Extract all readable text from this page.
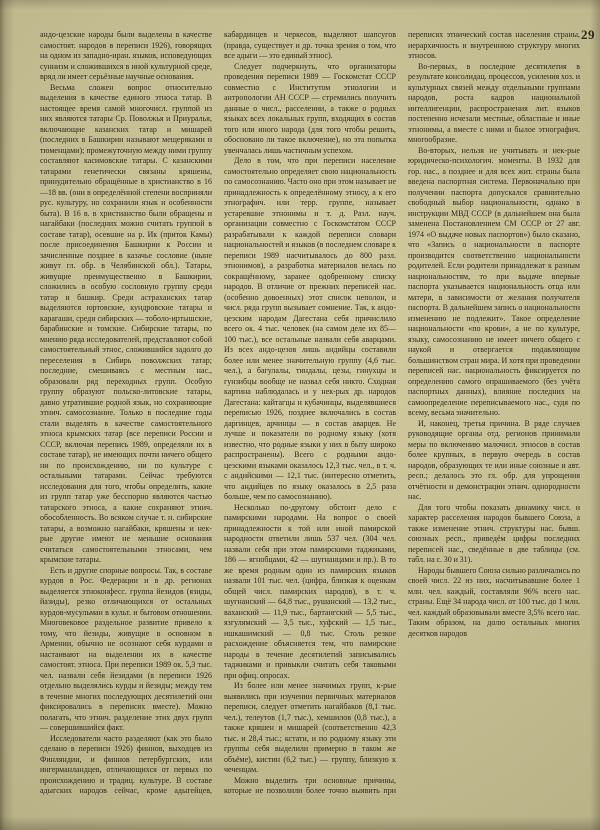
29

андо-цезские народы были выделены в качестве самостоят. народов в переписи 1926), говорящих на одном из западно-иран. языков, исповедующих суннизм и сложившихся в иной культурной среде, вряд ли имеет серьёзные научные основания.

Весьма сложен вопрос относительно выделения в качестве единого этноса татар. В настоящее время самой многочисл. группой из них являются татары Ср. Поволжья и Приуралья, включающие казанских татар и мишарей (последних в Башкирии называют мещеряками и тюменцами); промежуточную между ними группу составляют касимовские татары. С казанскими татарами генетически связаны кряшены, принудительно обращённые в христианство в 16—18 вв. (они в определённой степени восприняли рус. культуру, но сохранили язык и особенности быта). В 16 в. в христианство были обращены и нагайбаки (последних можно считать группой в составе татар), осевшие на р. Ик (приток Камы) после присоединения Башкирии к России и зачисленные позднее в казачье сословие (ныне живут гл. обр. в Челябинской обл.). Татары, живущие преимущественно в Башкирии, сложились в особую сословную группу среди татар и башкир. Среди астраханских татар выделяются юртовские, кундровские татары и карагаши, среди сибирских — тоболо-иртышские, барабинские и томские. Сибирские татары, по мнению ряда исследователей, представляют собой самостоятельный этнос, сложившийся задолго до переселения в Сибирь поволжских татар; последние, смешиваясь с местным нас., образовали ряд переходных групп. Особую группу образуют польско-литовские татары, давно утратившие родной язык, но сохраняющие этнич. самосознание. Только в последние годы стали выделять в качестве самостоятельного этноса крымских татар (все переписи России и СССР, включая перепись 1989, определяли их в составе татар), не имеющих почти ничего общего ни по происхождению, ни по культуре с остальными татарами. Сейчас требуются исследования для того, чтобы определить, какие из групп татар уже бесспорно являются частью татарского этноса, а какие сохраняют этнич. обособленность. Во всяком случае т. н. сибирские татары, а возможно нагайбаки, кряшены и нек-рые другие имеют не меньшие основания считаться самостоятельными этносами, чем крымские татары.

Есть и другие спорные вопросы. Так, в составе курдов в Рос. Федерации и в др. регионах выделяется этноконфесс. группа йезидов (язиды, йазиды), резко отличающихся от остальных курдов-мусульман в культ. и бытовом отношении. Многовековое раздельное развитие привело к тому, что йезиды, живущие в основном в Армении, обычно не осознают себя курдами и настаивают на выделении их в качестве самостоят. этноса. При переписи 1989 ок. 5,3 тыс. чел. назвали себя йезидами (в переписи 1926 отдельно выделялись курды и йезиды; между тем в течение многих последующих десятилетий они фиксировались в переписях вместе). Можно полагать, что этнич. разделение этих двух групп — совершившийся факт.

Исследователи часто разделяют (как это было сделано в переписи 1926) финнов, выходцев из Финляндии, и финнов петербургских, или ингерманландцев, отличающихся от первых по происхождению и традиц. культуре. В составе адыгских народов сейчас, кроме адыгейцев, кабардинцев и черкесов, выделяют шапсугов (правда, существует и др. точка зрения о том, что все адыги — это единый этнос).

Следует подчеркнуть, что организаторы проведения переписи 1989 — Госкомстат СССР совместно с Институтом этнологии и антропологии АН СССР — стремились получить данные о числ., расселении, а также о родных языках всех локальных групп, входящих в состав того или иного народа (для того чтобы решить, обосновано ли такое включение), но эта попытка увенчалась лишь частичным успехом.

Дело в том, что при переписи население самостоятельно определяет свою национальность по самосознанию. Часто оно при этом называет не принадлежность к определённому этносу, а к его этнографич. или терр. группе, называет устаревшие этнонимы и т. д. Разл. науч. организации совместно с Госкомстатом СССР разрабатывали к каждой переписи словари национальностей и языков (в последнем словаре к переписи 1989 насчитывалось до 800 разл. этнонимов), а разработка материалов велась по сокращённому, заранее одобренному списку народов. В отличие от прежних переписей нас. (особенно довоенных) этот список неполон, и числ. ряда групп вызывает сомнение. Так, к андо-цезским народам Дагестана себя причислило всего ок. 4 тыс. человек (на самом деле их 85—100 тыс.), все остальные назвали себя аварцами. Из всех андо-цезов лишь андийцы составили более или менее значительную группу (4,6 тыс. чел.), а багулалы, тиндалы, цезы, гинухцы и гунзибцы вообще не назвал себя никто. Сходная картина наблюдалась и у нек-рых др. народов Дагестана: кайтагцы и кубачинцы, выделявшиеся переписью 1926, позднее включались в состав даргинцев, арчинцы — в состав аварцев. Не лучше и показатели по родному языку (хотя известно, что родные языки у них в быту широко распространены). Всего с родными андо-цезскими языками оказалось 12,3 тыс. чел., в т. ч. с андийскими — 12,1 тыс. (интересно отметить, что андийцев по языку оказалось в 2,5 раза больше, чем по самосознанию).

Несколько по-другому обстоит дело с памирскими народами. На вопрос о своей принадлежности к той или иной памирской народности ответили лишь 537 чел. (304 чел. назвали себя при этом памирскими таджиками, 186 — ягнобцами, 42 — шугнанцами и пр.). В то же время родным один из памирских языков назвали 101 тыс. чел. (цифра, близкая к оценкам общей числ. памирских народов), в т. ч. шугнанский — 64,8 тыс., рушанский — 13,2 тыс., ваханский — 11,9 тыс., бартангский — 5,5 тыс., язгулямский — 3,5 тыс., хуфский — 1,5 тыс., ишкашимский — 0,8 тыс. Столь резкое расхождение объясняется тем, что памирские народы в течение десятилетий записывались таджиками и привыкли считать себя таковыми при офиц. опросах.

Из более или менее значимых групп, к-рые выявились при изучении первичных материалов переписи, следует отметить нагайбаков (8,1 тыс. чел.), телеутов (1,7 тыс.), хемшилов (0,8 тыс.), а также кряшен и мишарей (соответственно 42,3 тыс. и 28,4 тыс.; кстати, и по родному языку эти группы себя выделили примерно в таком же объёме), кистин (6,2 тыс.) — группу, близкую к чеченцам.

Можно выделить три основные причины, которые не позволили более точно выявить при переписях этнический состав населения страны, иерархичность и внутреннюю структуру многих этносов.

Во-первых, в последние десятилетия в результате консолидац. процессов, усиления хоз. и культурных связей между отдельными группами народов, роста кадров национальной интеллигенции, распространения лит. языков постепенно исчезали местные, областные и иные этнонимы, а вместе с ними и былое этнографич. многообразие.

Во-вторых, нельзя не учитывать и нек-рые юридическо-психологич. моменты. В 1932 для гор. нас., а позднее и для всех жит. страны была введена паспортная система. Первоначально при получении паспорта допускался сравнительно свободный выбор национальности, однако в инструкции МВД СССР (в дальнейшем она была заменена Постановлением СМ СССР от 27 авг. 1974 «О выдаче новых паспортов») было сказано, что «Запись о национальности в паспорте производится соответственно национальности родителей. Если родители принадлежат к разным национальностям, то при выдаче впервые паспорта указывается национальность отца или матери, в зависимости от желания получателя паспорта. В дальнейшем запись о национальности изменению не подлежит». Такое определение национальности «по крови», а не по культуре, языку, самосознанию не имеет ничего общего с наукой и отвергается подавляющим большинством стран мира. И хотя при проведении переписей нас. национальность фиксируется по определению самого опрашиваемого (без учёта паспортных данных), влияние последних на самоопределение переписываемого нас., судя по всему, весьма значительно.

И, наконец, третья причина. В ряде случаев руководящие органы отд. регионов принимали меры по включению малочисл. этносов в состав более крупных, в первую очередь в состав народов, образующих те или иные союзные и авт. респ.; делалось это гл. обр. для упрощения отчётности и демонстрации этнич. однородности нас.

Для того чтобы показать динамику числ. и характер расселения народов бывшего Союза, а также изменение этнич. структуры нас. бывш. союзных респ., приведём цифры последних переписей нас., сведённые в две таблицы (см. табл. на с. 30 и 31).

Народы бывшего Союза сильно различались по своей числ. 22 из них, насчитывавшие более 1 млн. чел. каждый, составляли 96% всего нас. страны. Ещё 34 народа числ. от 100 тыс. до 1 млн. чел. каждый образовывали вместе 3,5% всего нас. Таким образом, на долю остальных многих десятков народов
